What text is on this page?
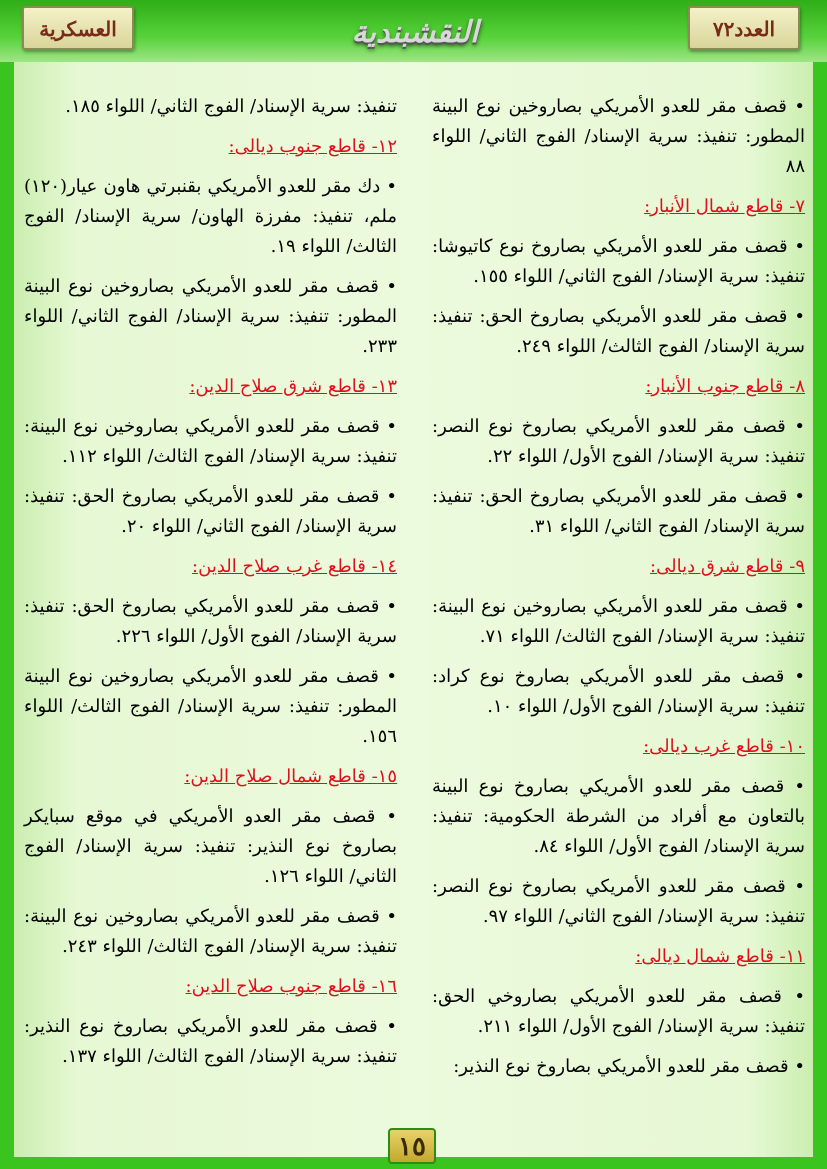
العسكرية	النقشبندية	العدد٧٢
• قصف مقر للعدو الأمريكي بصاروخين نوع البينة المطور: تنفيذ: سرية الإسناد/ الفوج الثاني/ اللواء ٨٨
٧- قاطع شمال الأنبار:
• قصف مقر للعدو الأمريكي بصاروخ نوع كاتيوشا: تنفيذ: سرية الإسناد/ الفوج الثاني/ اللواء ١٥٥.
• قصف مقر للعدو الأمريكي بصاروخ الحق: تنفيذ: سرية الإسناد/ الفوج الثالث/ اللواء ٢٤٩.
٨- قاطع جنوب الأنبار:
• قصف مقر للعدو الأمريكي بصاروخ نوع النصر: تنفيذ: سرية الإسناد/ الفوج الأول/ اللواء ٢٢.
• قصف مقر للعدو الأمريكي بصاروخ الحق: تنفيذ: سرية الإسناد/ الفوج الثاني/ اللواء ٣١.
٩- قاطع شرق ديالى:
• قصف مقر للعدو الأمريكي بصاروخين نوع البينة: تنفيذ: سرية الإسناد/ الفوج الثالث/ اللواء ٧١.
• قصف مقر للعدو الأمريكي بصاروخ نوع كراد: تنفيذ: سرية الإسناد/ الفوج الأول/ اللواء ١٠.
١٠- قاطع غرب ديالى:
• قصف مقر للعدو الأمريكي بصاروخ نوع البينة بالتعاون مع أفراد من الشرطة الحكومية: تنفيذ: سرية الإسناد/ الفوج الأول/ اللواء ٨٤.
• قصف مقر للعدو الأمريكي بصاروخ نوع النصر: تنفيذ: سرية الإسناد/ الفوج الثاني/ اللواء ٩٧.
١١- قاطع شمال ديالى:
• قصف مقر للعدو الأمريكي بصاروخي الحق: تنفيذ: سرية الإسناد/ الفوج الأول/ اللواء ٢١١.
• قصف مقر للعدو الأمريكي بصاروخ نوع النذير:
تنفيذ: سرية الإسناد/ الفوج الثاني/ اللواء ١٨٥.
١٢- قاطع جنوب ديالى:
• دك مقر للعدو الأمريكي بقنبرتي هاون عيار(١٢٠) ملم، تنفيذ: مفرزة الهاون/ سرية الإسناد/ الفوج الثالث/ اللواء ١٩.
• قصف مقر للعدو الأمريكي بصاروخين نوع البينة المطور: تنفيذ: سرية الإسناد/ الفوج الثاني/ اللواء ٢٣٣.
١٣- قاطع شرق صلاح الدين:
• قصف مقر للعدو الأمريكي بصاروخين نوع البينة: تنفيذ: سرية الإسناد/ الفوج الثالث/ اللواء ١١٢.
• قصف مقر للعدو الأمريكي بصاروخ الحق: تنفيذ: سرية الإسناد/ الفوج الثاني/ اللواء ٢٠.
١٤- قاطع غرب صلاح الدين:
• قصف مقر للعدو الأمريكي بصاروخ الحق: تنفيذ: سرية الإسناد/ الفوج الأول/ اللواء ٢٢٦.
• قصف مقر للعدو الأمريكي بصاروخين نوع البينة المطور: تنفيذ: سرية الإسناد/ الفوج الثالث/ اللواء ١٥٦.
١٥- قاطع شمال صلاح الدين:
• قصف مقر العدو الأمريكي في موقع سبايكر بصاروخ نوع النذير: تنفيذ: سرية الإسناد/ الفوج الثاني/ اللواء ١٢٦.
• قصف مقر للعدو الأمريكي بصاروخين نوع البينة: تنفيذ: سرية الإسناد/ الفوج الثالث/ اللواء ٢٤٣.
١٦- قاطع جنوب صلاح الدين:
• قصف مقر للعدو الأمريكي بصاروخ نوع النذير: تنفيذ: سرية الإسناد/ الفوج الثالث/ اللواء ١٣٧.
١٥
